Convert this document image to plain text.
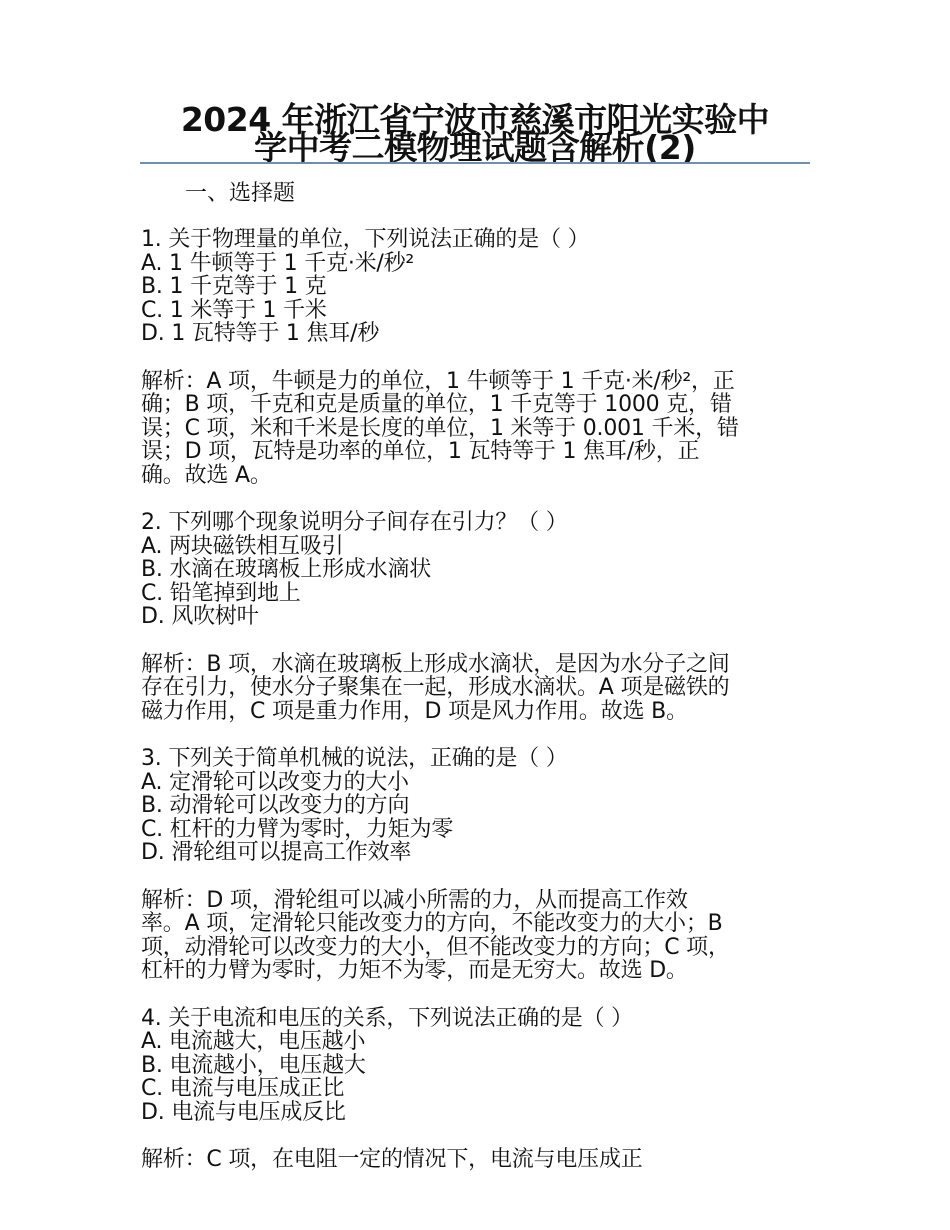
2024 年浙江省宁波市慈溪市阳光实验中
学中考二模物理试题含解析(2)
一、选择题
1. 关于物理量的单位，下列说法正确的是（ ）
A. 1 牛顿等于 1 千克·米/秒²
B. 1 千克等于 1 克
C. 1 米等于 1 千米
D. 1 瓦特等于 1 焦耳/秒
解析：A 项，牛顿是力的单位，1 牛顿等于 1 千克·米/秒²，正
确；B 项，千克和克是质量的单位，1 千克等于 1000 克，错
误；C 项，米和千米是长度的单位，1 米等于 0.001 千米，错
误；D 项，瓦特是功率的单位，1 瓦特等于 1 焦耳/秒，正
确。故选 A。
2. 下列哪个现象说明分子间存在引力？（ ）
A. 两块磁铁相互吸引
B. 水滴在玻璃板上形成水滴状
C. 铅笔掉到地上
D. 风吹树叶
解析：B 项，水滴在玻璃板上形成水滴状，是因为水分子之间
存在引力，使水分子聚集在一起，形成水滴状。A 项是磁铁的
磁力作用，C 项是重力作用，D 项是风力作用。故选 B。
3. 下列关于简单机械的说法，正确的是（ ）
A. 定滑轮可以改变力的大小
B. 动滑轮可以改变力的方向
C. 杠杆的力臂为零时，力矩为零
D. 滑轮组可以提高工作效率
解析：D 项，滑轮组可以减小所需的力，从而提高工作效
率。A 项，定滑轮只能改变力的方向，不能改变力的大小；B
项，动滑轮可以改变力的大小，但不能改变力的方向；C 项，
杠杆的力臂为零时，力矩不为零，而是无穷大。故选 D。
4. 关于电流和电压的关系，下列说法正确的是（ ）
A. 电流越大，电压越小
B. 电流越小，电压越大
C. 电流与电压成正比
D. 电流与电压成反比
解析：C 项，在电阻一定的情况下，电流与电压成正
